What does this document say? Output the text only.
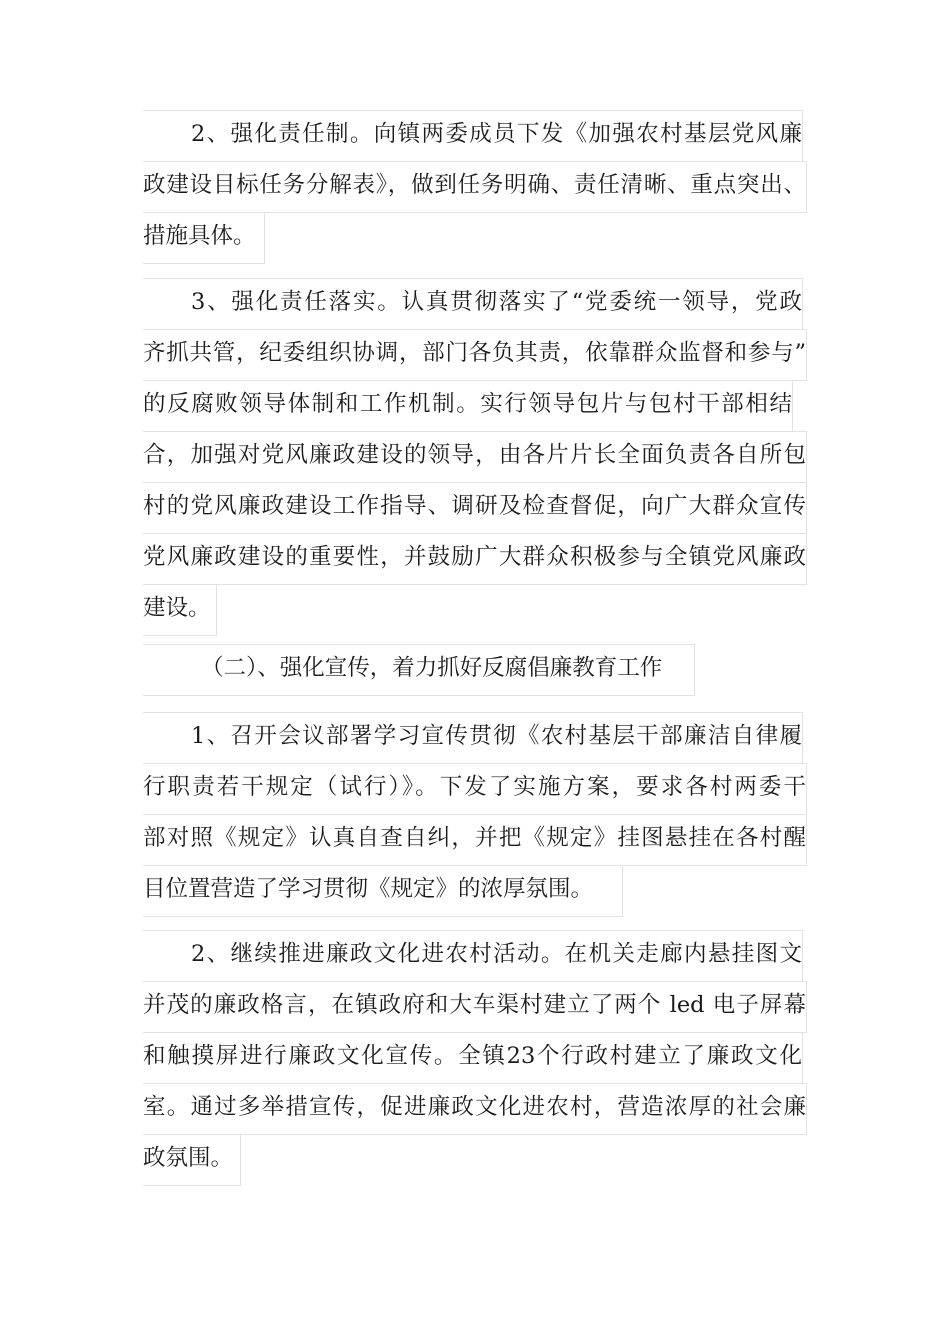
2、强化责任制。向镇两委成员下发《加强农村基层党风廉
政建设目标任务分解表》，做到任务明确、责任清晰、重点突出、
措施具体。
3、强化责任落实。认真贯彻落实了“党委统一领导，党政
齐抓共管，纪委组织协调，部门各负其责，依靠群众监督和参与”
的反腐败领导体制和工作机制。实行领导包片与包村干部相结
合，加强对党风廉政建设的领导，由各片片长全面负责各自所包
村的党风廉政建设工作指导、调研及检查督促，向广大群众宣传
党风廉政建设的重要性，并鼓励广大群众积极参与全镇党风廉政
建设。
（二）、强化宣传，着力抓好反腐倡廉教育工作
1、召开会议部署学习宣传贯彻《农村基层干部廉洁自律履
行职责若干规定（试行）》。下发了实施方案，要求各村两委干
部对照《规定》认真自查自纠，并把《规定》挂图悬挂在各村醒
目位置营造了学习贯彻《规定》的浓厚氛围。
2、继续推进廉政文化进农村活动。在机关走廊内悬挂图文
并茂的廉政格言，在镇政府和大车渠村建立了两个 led 电子屏幕
和触摸屏进行廉政文化宣传。全镇23个行政村建立了廉政文化
室。通过多举措宣传，促进廉政文化进农村，营造浓厚的社会廉
政氛围。
